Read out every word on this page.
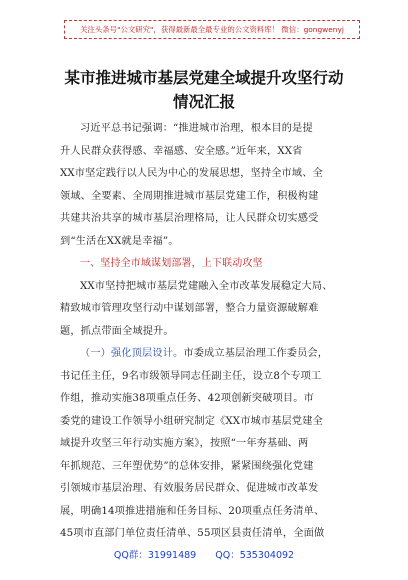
关注头条号"公文研究"，获得最新最全最专业的公文资料库！ 微信：gongwenyj
某市推进城市基层党建全域提升攻坚行动
情况汇报

习近平总书记强调：“推进城市治理，根本目的是提
升人民群众获得感、幸福感、安全感。”近年来，XX省
XX市坚定践行以人民为中心的发展思想，坚持全市域、全
领域、全要素、全周期推进城市基层党建工作，积极构建
共建共治共享的城市基层治理格局，让人民群众切实感受
到“生活在XX就是幸福”。

一、坚持全市域谋划部署，上下联动攻坚
XX市坚持把城市基层党建融入全市改革发展稳定大局、
精致城市管理攻坚行动中谋划部署，整合力量资源破解难
题，抓点带面全域提升。

（一）强化顶层设计。市委成立基层治理工作委员会，
书记任主任，9名市级领导同志任副主任，设立8个专项工
作组，推动实施38项重点任务、42项创新突破项目。市
委党的建设工作领导小组研究制定《XX市城市基层党建全
域提升攻坚三年行动实施方案》，按照“一年夯基础、两
年抓规范、三年塑优势”的总体安排，紧紧围绕强化党建
引领城市基层治理、有效服务居民群众、促进城市改革发
展，明确14项推进措施和任务目标、20项重点任务清单、
45项市直部门单位责任清单、55项区县责任清单，全面做

QQ群：31991489 QQ：535304092
